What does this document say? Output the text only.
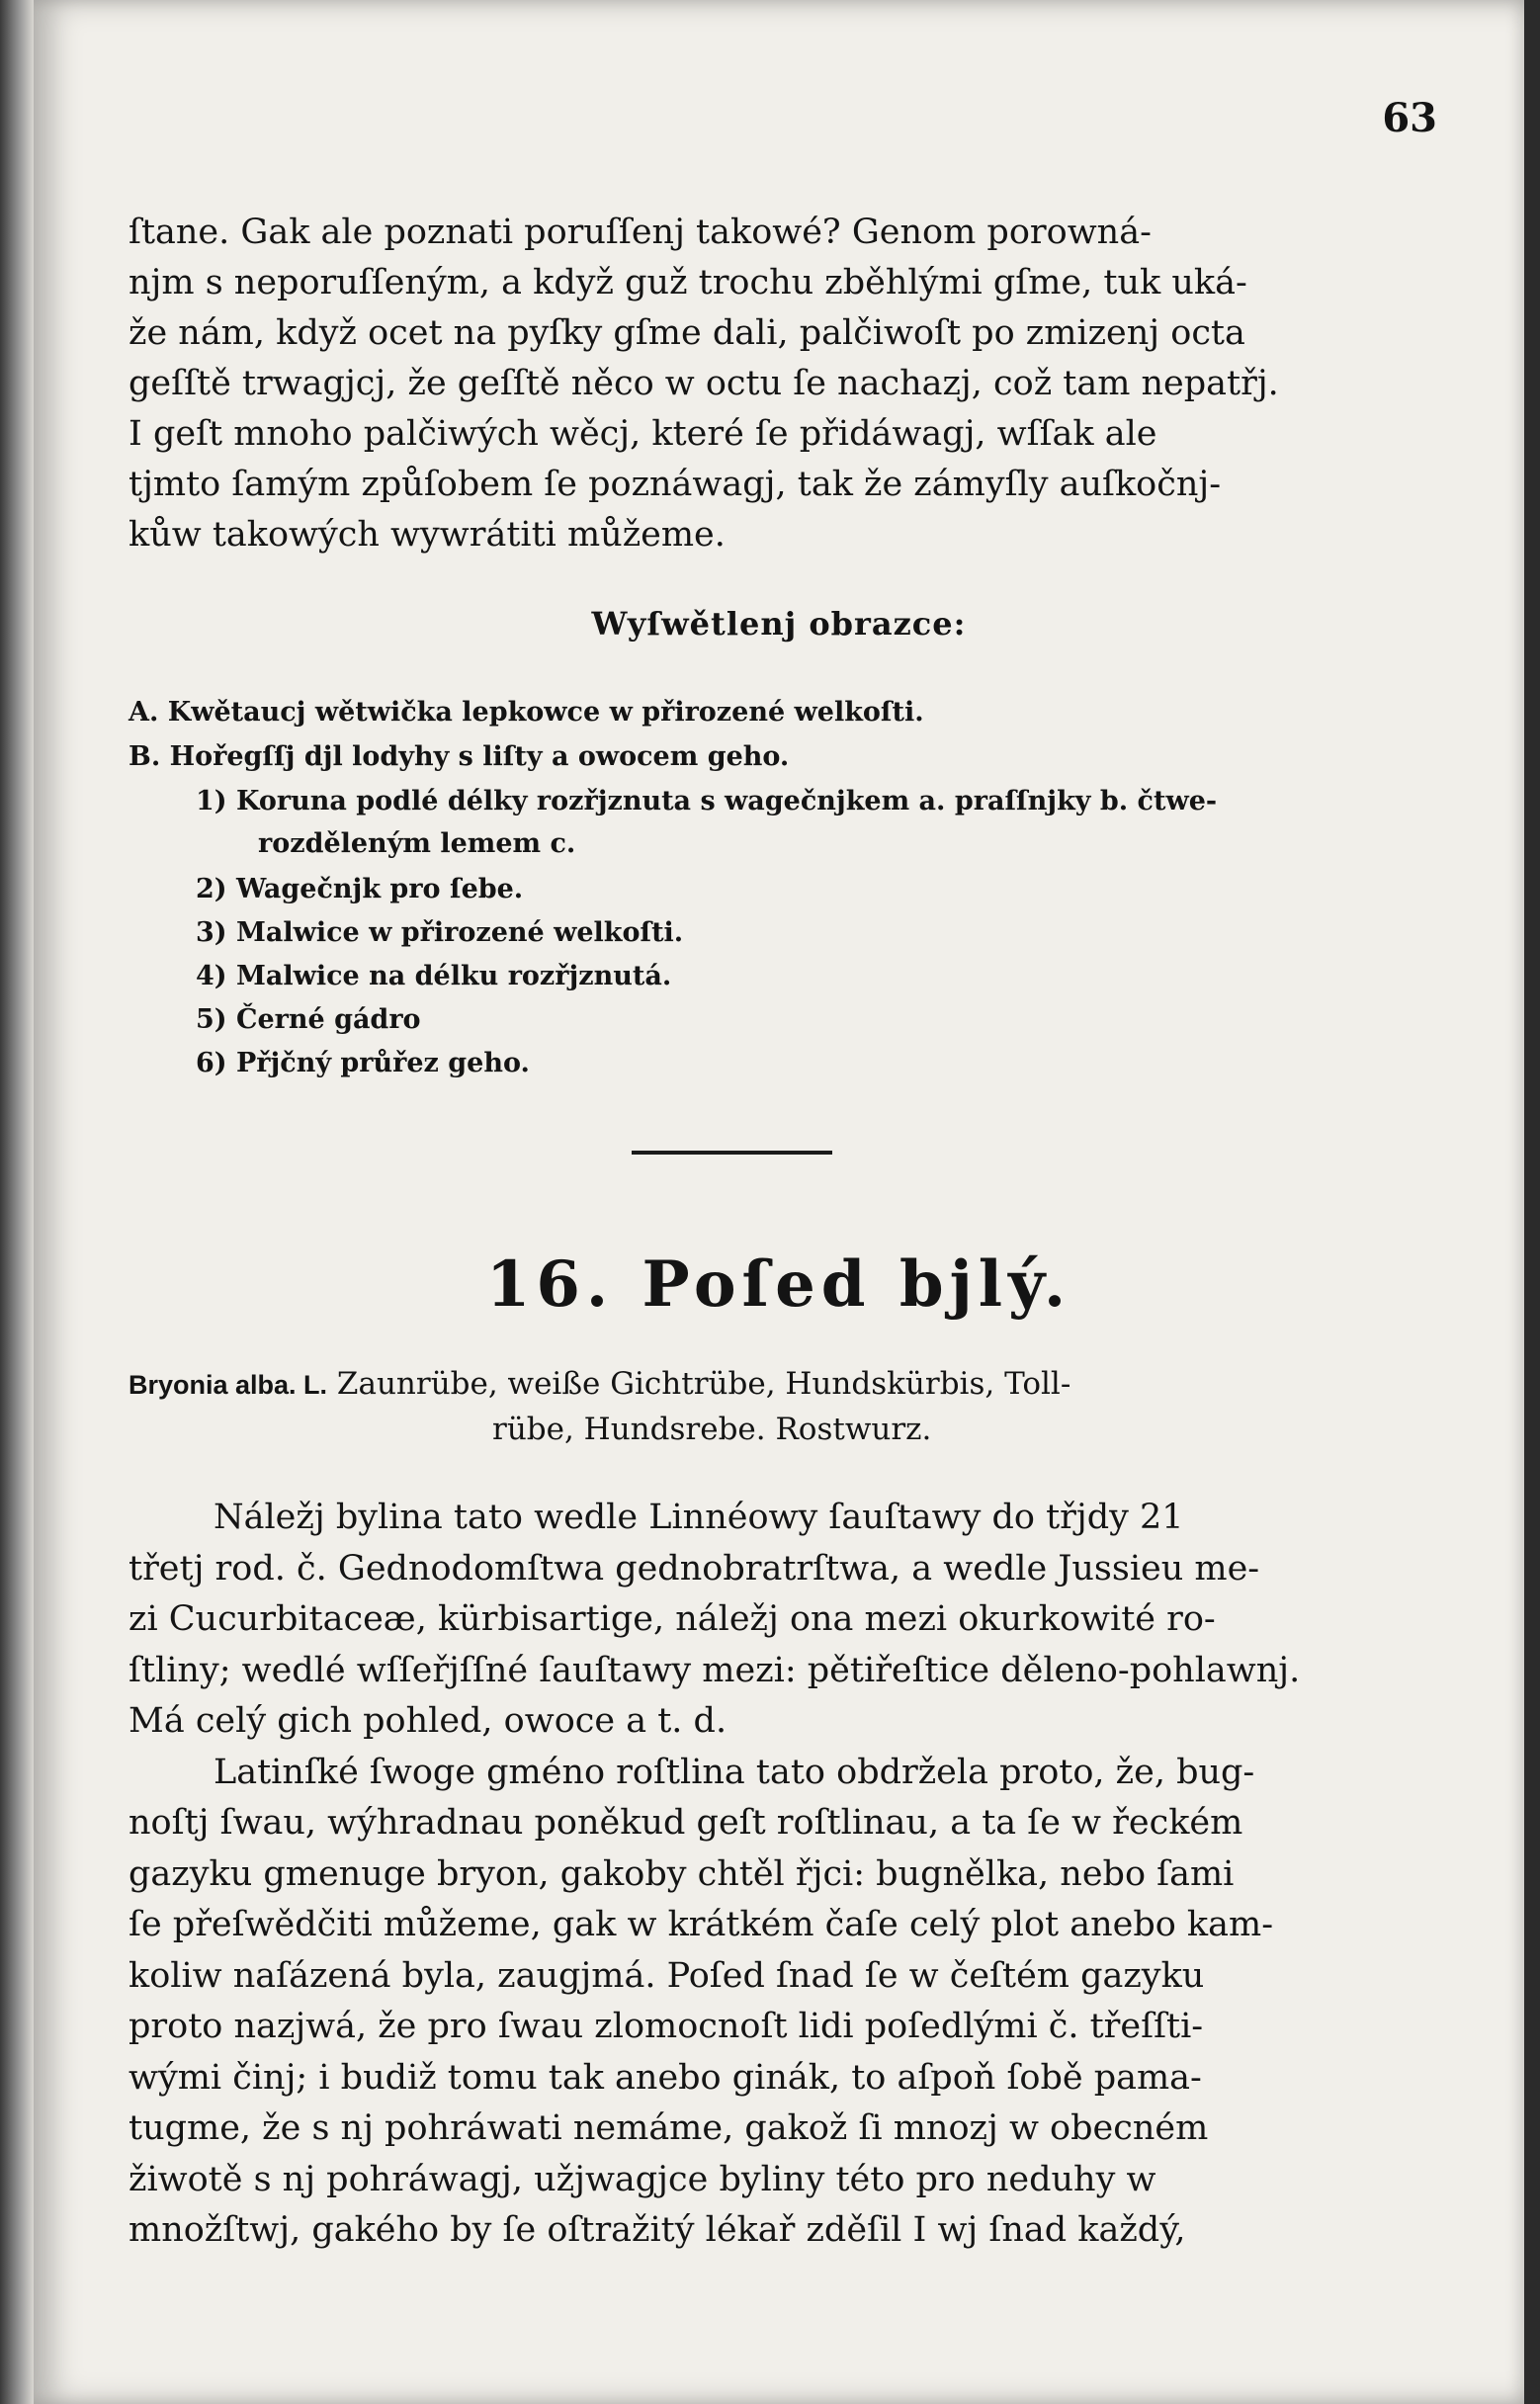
63
ſtane. Gak ale poznati poruſſenj takowé? Genom porowná-
njm s neporuſſeným, a když guž trochu zběhlými gſme, tuk uká-
že nám, když ocet na pyſky gſme dali, palčiwoſt po zmizenj octa
geſſtě trwagjcj, že geſſtě něco w octu ſe nachazj, což tam nepatřj.
I geſt mnoho palčiwých wěcj, které ſe přidáwagj, wſſak ale
tjmto ſamým způſobem ſe poznáwagj, tak že zámyſly auſkočnj-
kůw takowých wywrátiti můžeme.
Wyſwětlenj obrazce:
A. Kwětaucj wětwička lepkowce w přirozené welkoſti.
B. Hořegſſj djl lodyhy s liſty a owocem geho.
1) Koruna podlé délky rozřjznuta s wagečnjkem a. praſſnjky b. čtwe-
rozděleným lemem c.
2) Wagečnjk pro ſebe.
3) Malwice w přirozené welkoſti.
4) Malwice na délku rozřjznutá.
5) Černé gádro
6) Přjčný průřez geho.
16. Poſed bjlý.
Bryonia alba. L. Zaunrübe, weiße Gichtrübe, Hundskürbis, Toll-
rübe, Hundsrebe. Rostwurz.
Náležj bylina tato wedle Linnéowy ſauſtawy do třjdy 21
třetj rod. č. Gednodomſtwa gednobratrſtwa, a wedle Jussieu me-
zi Cucurbitaceæ, kürbisartige, náležj ona mezi okurkowité ro-
ſtliny; wedlé wſſeřjſſné ſauſtawy mezi: pětiřeſtice děleno-pohlawnj.
Má celý gich pohled, owoce a t. d.
Latinſké ſwoge gméno roſtlina tato obdržela proto, že, bug-
noſtj ſwau, wýhradnau poněkud geſt roſtlinau, a ta ſe w řeckém
gazyku gmenuge bryon, gakoby chtěl řjci: bugnělka, nebo ſami
ſe přeſwědčiti můžeme, gak w krátkém čaſe celý plot anebo kam-
koliw naſázená byla, zaugjmá. Poſed ſnad ſe w čeſtém gazyku
proto nazjwá, že pro ſwau zlomocnoſt lidi poſedlými č. třeſſti-
wými činj; i budiž tomu tak anebo ginák, to aſpoň ſobě pama-
tugme, že s nj pohráwati nemáme, gakož ſi mnozj w obecném
žiwotě s nj pohráwagj, užjwagjce byliny této pro neduhy w
množſtwj, gakého by ſe oſtražitý lékař zděſil I wj ſnad každý,
